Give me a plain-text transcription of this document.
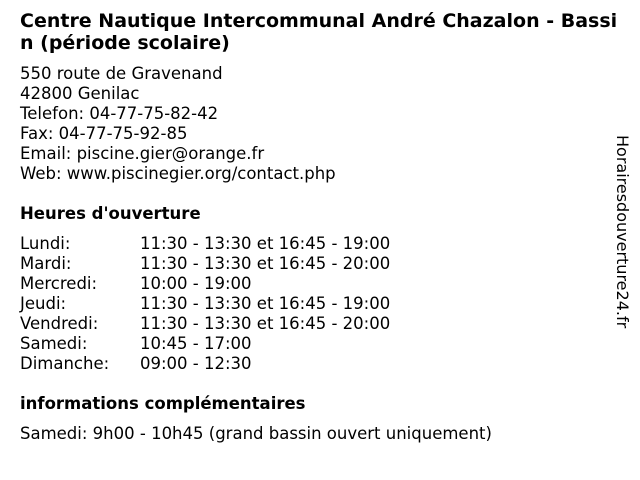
Centre Nautique Intercommunal André Chazalon - Bassin (période scolaire)
550 route de Gravenand
42800 Genilac
Telefon: 04-77-75-82-42
Fax: 04-77-75-92-85
Email: piscine.gier@orange.fr
Web: www.piscinegier.org/contact.php
Heures d'ouverture
Lundi:	11:30 - 13:30 et 16:45 - 19:00
Mardi:	11:30 - 13:30 et 16:45 - 20:00
Mercredi:	10:00 - 19:00
Jeudi:	11:30 - 13:30 et 16:45 - 19:00
Vendredi:	11:30 - 13:30 et 16:45 - 20:00
Samedi:	10:45 - 17:00
Dimanche: 09:00 - 12:30
informations complémentaires
Samedi: 9h00 - 10h45 (grand bassin ouvert uniquement)
Horairesdouverture24.fr
